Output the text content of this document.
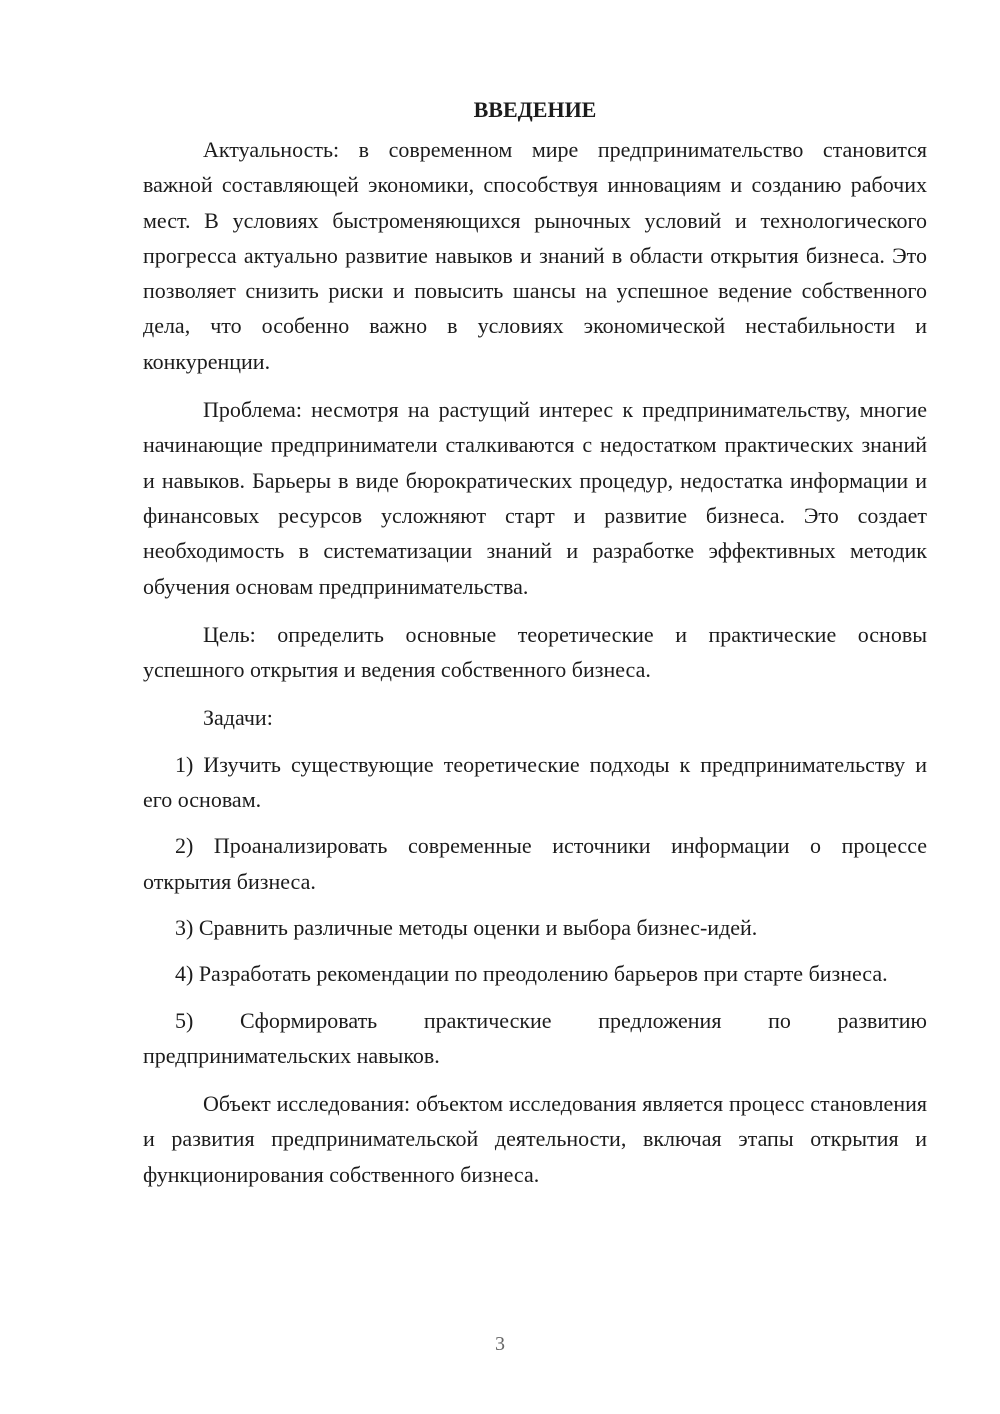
ВВЕДЕНИЕ

Актуальность: в современном мире предпринимательство становится важной составляющей экономики, способствуя инновациям и созданию рабочих мест. В условиях быстроменяющихся рыночных условий и технологического прогресса актуально развитие навыков и знаний в области открытия бизнеса. Это позволяет снизить риски и повысить шансы на успешное ведение собственного дела, что особенно важно в условиях экономической нестабильности и конкуренции.

Проблема: несмотря на растущий интерес к предпринимательству, многие начинающие предприниматели сталкиваются с недостатком практических знаний и навыков. Барьеры в виде бюрократических процедур, недостатка информации и финансовых ресурсов усложняют старт и развитие бизнеса. Это создает необходимость в систематизации знаний и разработке эффективных методик обучения основам предпринимательства.

Цель: определить основные теоретические и практические основы успешного открытия и ведения собственного бизнеса.

Задачи:

1) Изучить существующие теоретические подходы к предпринимательству и его основам.

2) Проанализировать современные источники информации о процессе открытия бизнеса.

3) Сравнить различные методы оценки и выбора бизнес-идей.

4) Разработать рекомендации по преодолению барьеров при старте бизнеса.

5) Сформировать практические предложения по развитию предпринимательских навыков.

Объект исследования: объектом исследования является процесс становления и развития предпринимательской деятельности, включая этапы открытия и функционирования собственного бизнеса.

3
